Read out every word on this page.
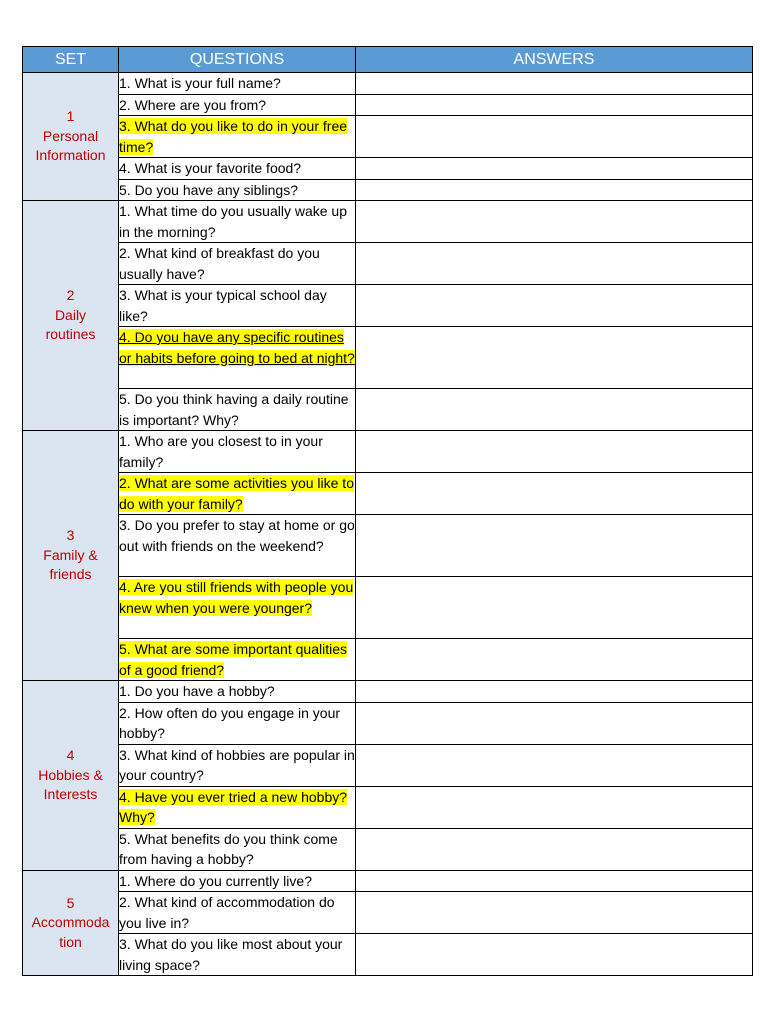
SET	QUESTIONS	ANSWERS

1
Personal
Information	1. What is your full name?	
	2. Where are you from?	
	3. What do you like to do in your free time?	
	4. What is your favorite food?	
	5. Do you have any siblings?	

2
Daily
routines	1. What time do you usually wake up in the morning?	
	2. What kind of breakfast do you usually have?	
	3. What is your typical school day like?	
	4. Do you have any specific routines or habits before going to bed at night?	
	5. Do you think having a daily routine is important? Why?	

3
Family &
friends	1. Who are you closest to in your family?	
	2. What are some activities you like to do with your family?	
	3. Do you prefer to stay at home or go out with friends on the weekend?	
	4. Are you still friends with people you knew when you were younger?	
	5. What are some important qualities of a good friend?	

4
Hobbies &
Interests	1. Do you have a hobby?	
	2. How often do you engage in your hobby?	
	3. What kind of hobbies are popular in your country?	
	4. Have you ever tried a new hobby? Why?	
	5. What benefits do you think come from having a hobby?	

5
Accommoda
tion	1. Where do you currently live?	
	2. What kind of accommodation do you live in?	
	3. What do you like most about your living space?	
